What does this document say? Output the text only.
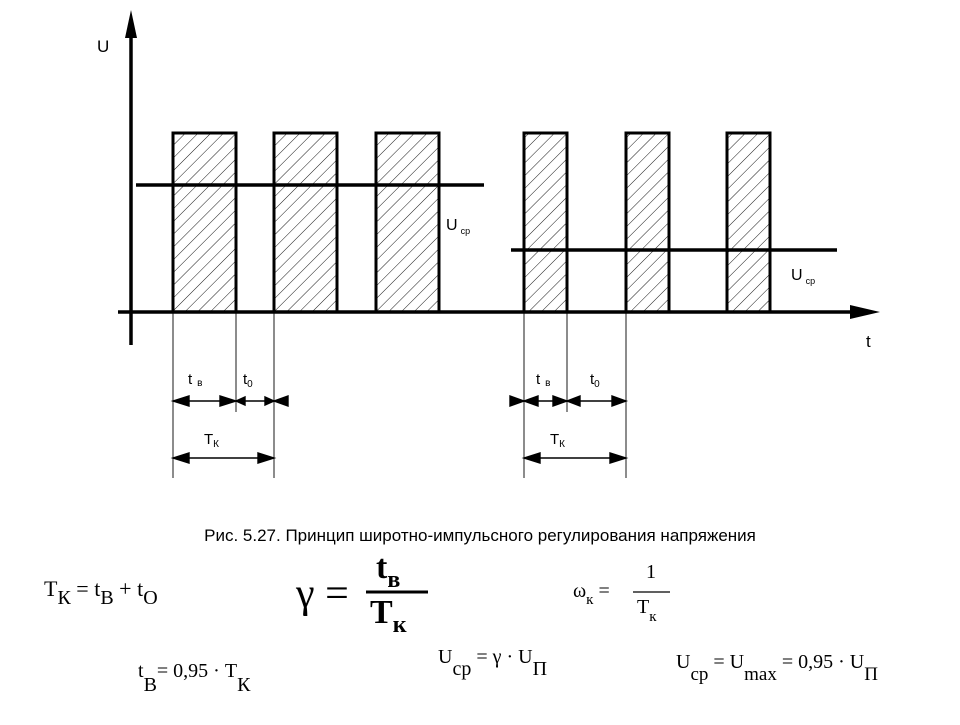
U
t
U $_{ср}$
U $_{ср}$
tв	$t_0$
$T_К$
tв	$t_0$
$T_К$
Рис. 5.27. Принцип широтно-импульсного регулирования напряжения
TК = tВ + tО	γ =
$t_в$
$T_к$
$\omega_к$ =
1
$T_к$
tВ= 0,95 · TК
Uср = γ · UП	Uср = Umax = 0,95 · UП
